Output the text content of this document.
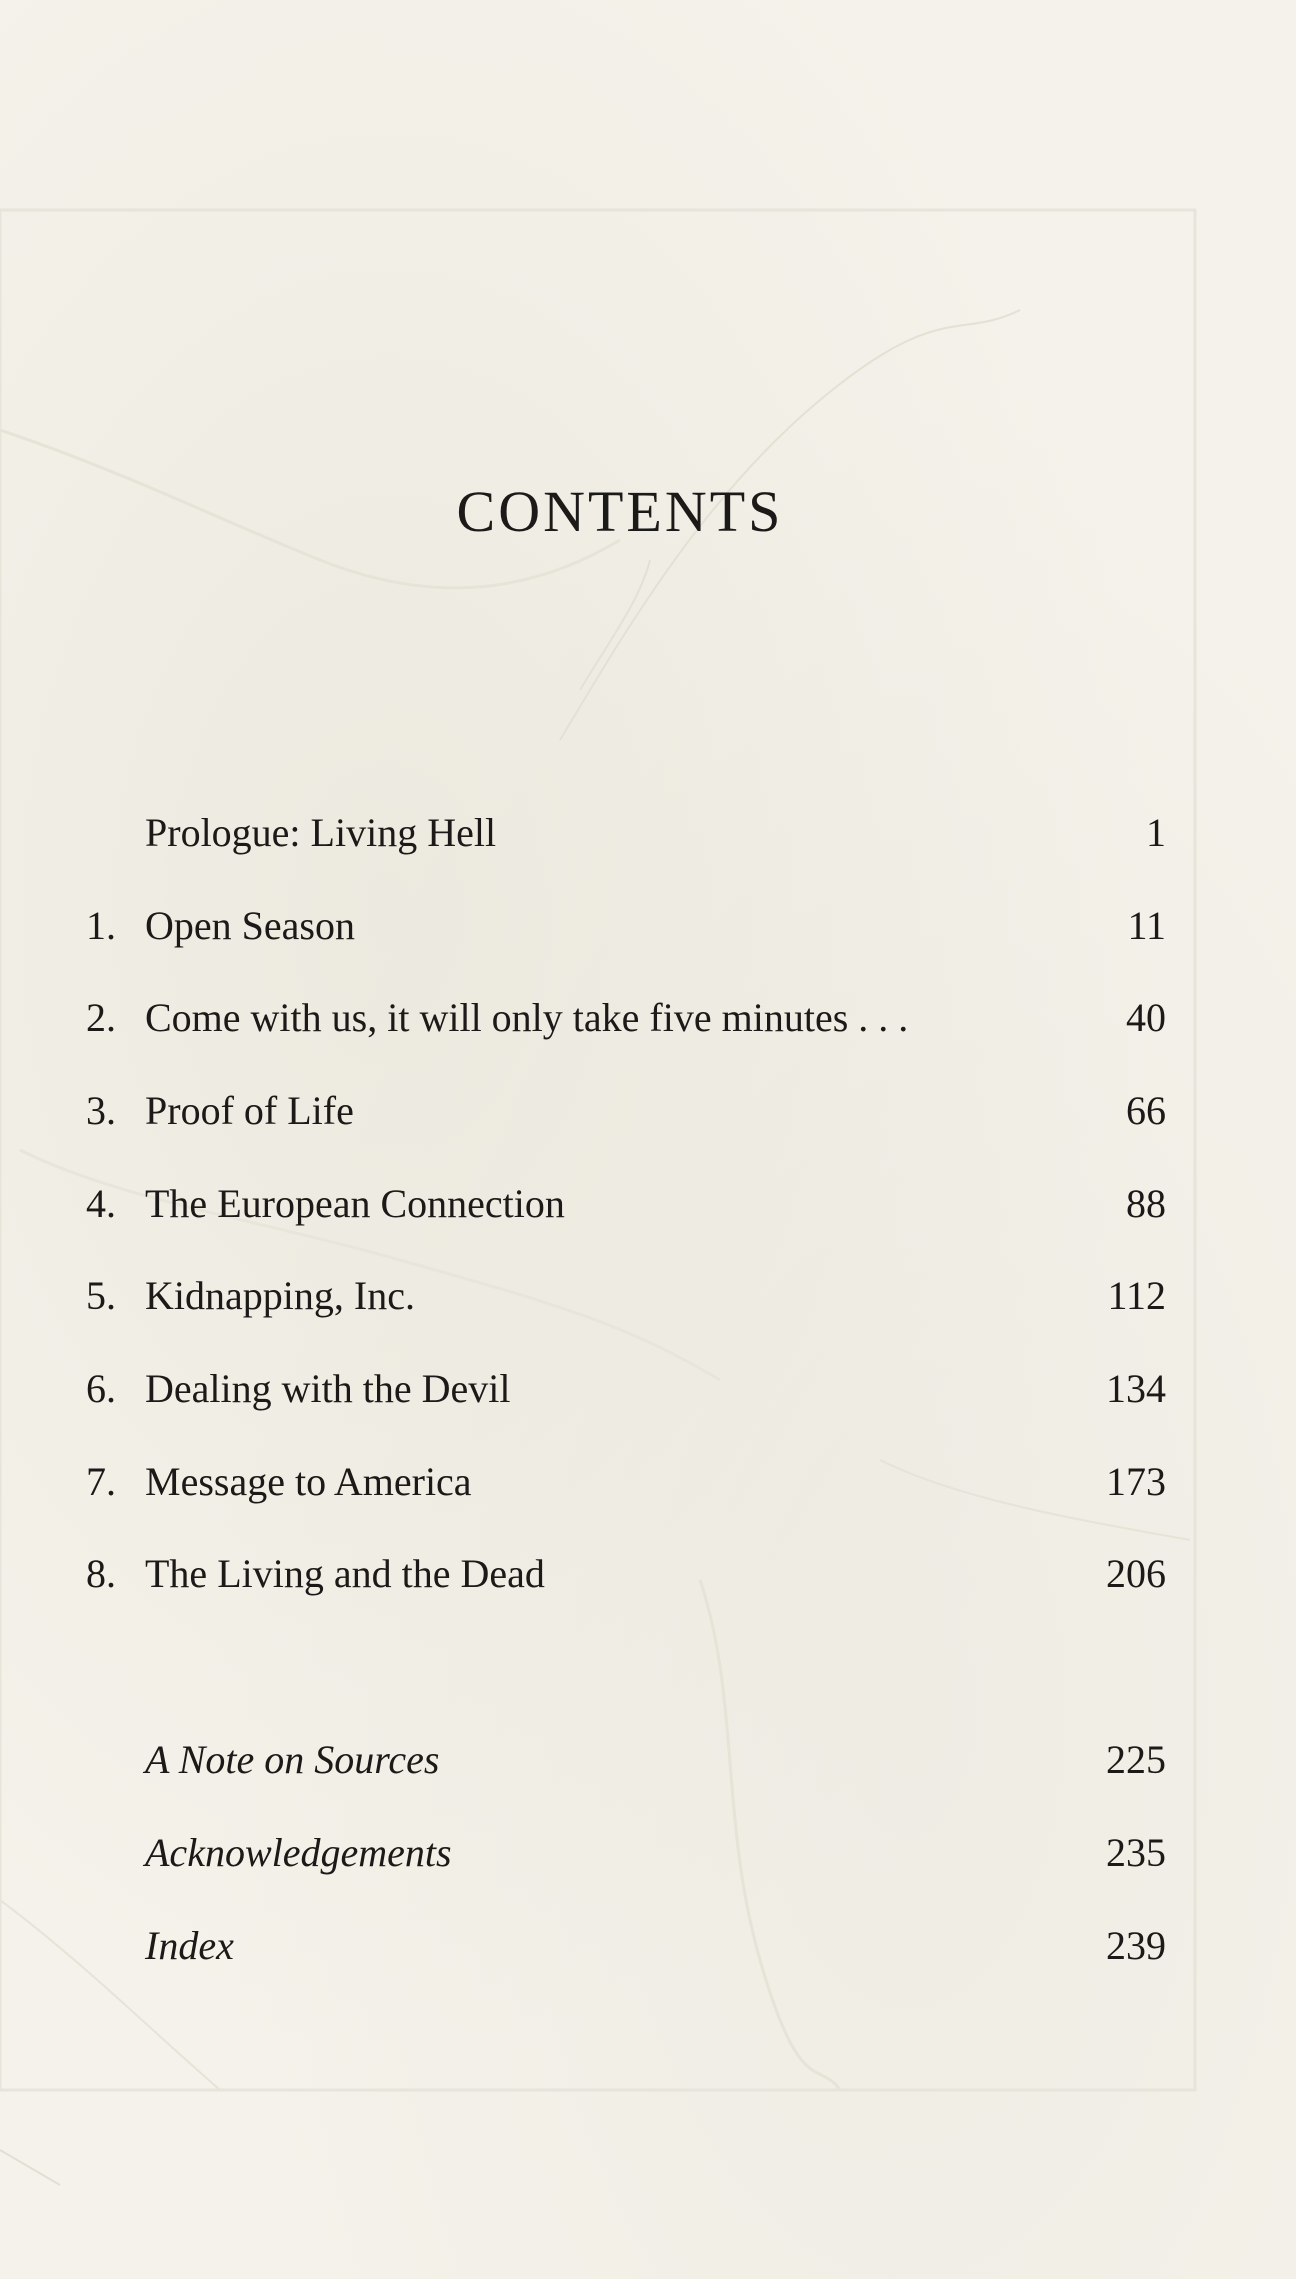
CONTENTS
Prologue: Living Hell	1
1. Open Season	11
2. Come with us, it will only take five minutes . . .	40
3. Proof of Life	66
4. The European Connection	88
5. Kidnapping, Inc.	112
6. Dealing with the Devil	134
7. Message to America	173
8. The Living and the Dead	206
A Note on Sources	225
Acknowledgements	235
Index	239
